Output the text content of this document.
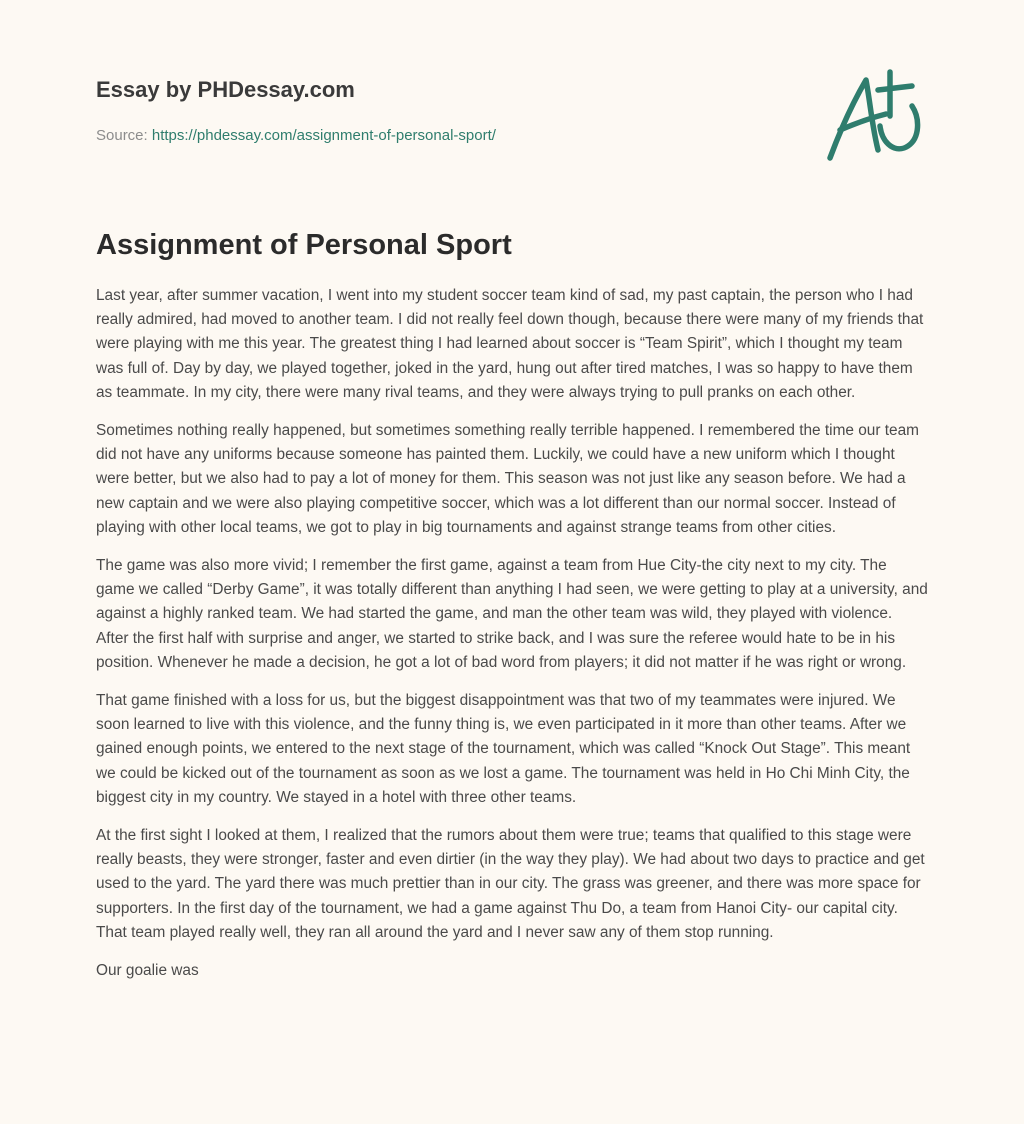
Essay by PHDessay.com

Source: https://phdessay.com/assignment-of-personal-sport/
Assignment of Personal Sport

Last year, after summer vacation, I went into my student soccer team kind of sad, my past captain, the person who I had really admired, had moved to another team. I did not really feel down though, because there were many of my friends that were playing with me this year. The greatest thing I had learned about soccer is “Team Spirit”, which I thought my team was full of. Day by day, we played together, joked in the yard, hung out after tired matches, I was so happy to have them as teammate. In my city, there were many rival teams, and they were always trying to pull pranks on each other.

Sometimes nothing really happened, but sometimes something really terrible happened. I remembered the time our team did not have any uniforms because someone has painted them. Luckily, we could have a new uniform which I thought were better, but we also had to pay a lot of money for them. This season was not just like any season before. We had a new captain and we were also playing competitive soccer, which was a lot different than our normal soccer. Instead of playing with other local teams, we got to play in big tournaments and against strange teams from other cities.

The game was also more vivid; I remember the first game, against a team from Hue City-the city next to my city. The game we called “Derby Game”, it was totally different than anything I had seen, we were getting to play at a university, and against a highly ranked team. We had started the game, and man the other team was wild, they played with violence. After the first half with surprise and anger, we started to strike back, and I was sure the referee would hate to be in his position. Whenever he made a decision, he got a lot of bad word from players; it did not matter if he was right or wrong.

That game finished with a loss for us, but the biggest disappointment was that two of my teammates were injured. We soon learned to live with this violence, and the funny thing is, we even participated in it more than other teams. After we gained enough points, we entered to the next stage of the tournament, which was called “Knock Out Stage”. This meant we could be kicked out of the tournament as soon as we lost a game. The tournament was held in Ho Chi Minh City, the biggest city in my country. We stayed in a hotel with three other teams.

At the first sight I looked at them, I realized that the rumors about them were true; teams that qualified to this stage were really beasts, they were stronger, faster and even dirtier (in the way they play). We had about two days to practice and get used to the yard. The yard there was much prettier than in our city. The grass was greener, and there was more space for supporters. In the first day of the tournament, we had a game against Thu Do, a team from Hanoi City- our capital city. That team played really well, they ran all around the yard and I never saw any of them stop running.

Our goalie was
